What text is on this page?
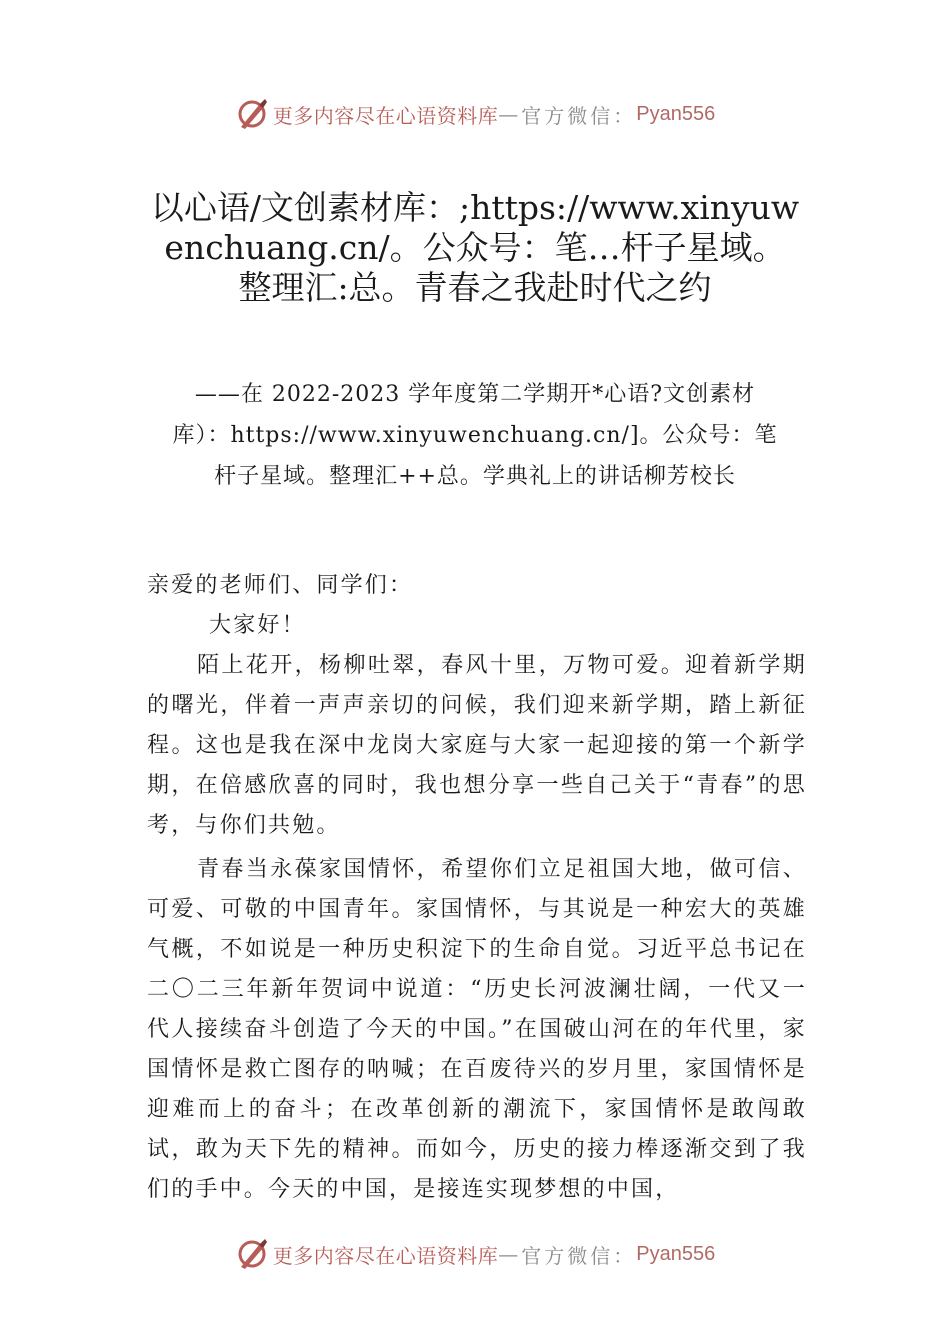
更多内容尽在心语资料库 — 官方微信： Pyan556
以心语/文创素材库：;https://www.xinyuwenchuang.cn/。公众号：笔…杆子星域。整理汇:总。青春之我赴时代之约

——在 2022-2023 学年度第二学期开*心语?文创素材库）：https://www.xinyuwenchuang.cn/]。公众号：笔杆子星域。整理汇++总。学典礼上的讲话柳芳校长

亲爱的老师们、同学们：

大家好！

陌上花开，杨柳吐翠，春风十里，万物可爱。迎着新学期的曙光，伴着一声声亲切的问候，我们迎来新学期，踏上新征程。这也是我在深中龙岗大家庭与大家一起迎接的第一个新学期，在倍感欣喜的同时，我也想分享一些自己关于“青春”的思考，与你们共勉。

青春当永葆家国情怀，希望你们立足祖国大地，做可信、可爱、可敬的中国青年。家国情怀，与其说是一种宏大的英雄气概，不如说是一种历史积淀下的生命自觉。习近平总书记在二〇二三年新年贺词中说道：“历史长河波澜壮阔，一代又一代人接续奋斗创造了今天的中国。”在国破山河在的年代里，家国情怀是救亡图存的呐喊；在百废待兴的岁月里，家国情怀是迎难而上的奋斗；在改革创新的潮流下，家国情怀是敢闯敢试，敢为天下先的精神。而如今，历史的接力棒逐渐交到了我们的手中。今天的中国，是接连实现梦想的中国，

更多内容尽在心语资料库 — 官方微信： Pyan556
